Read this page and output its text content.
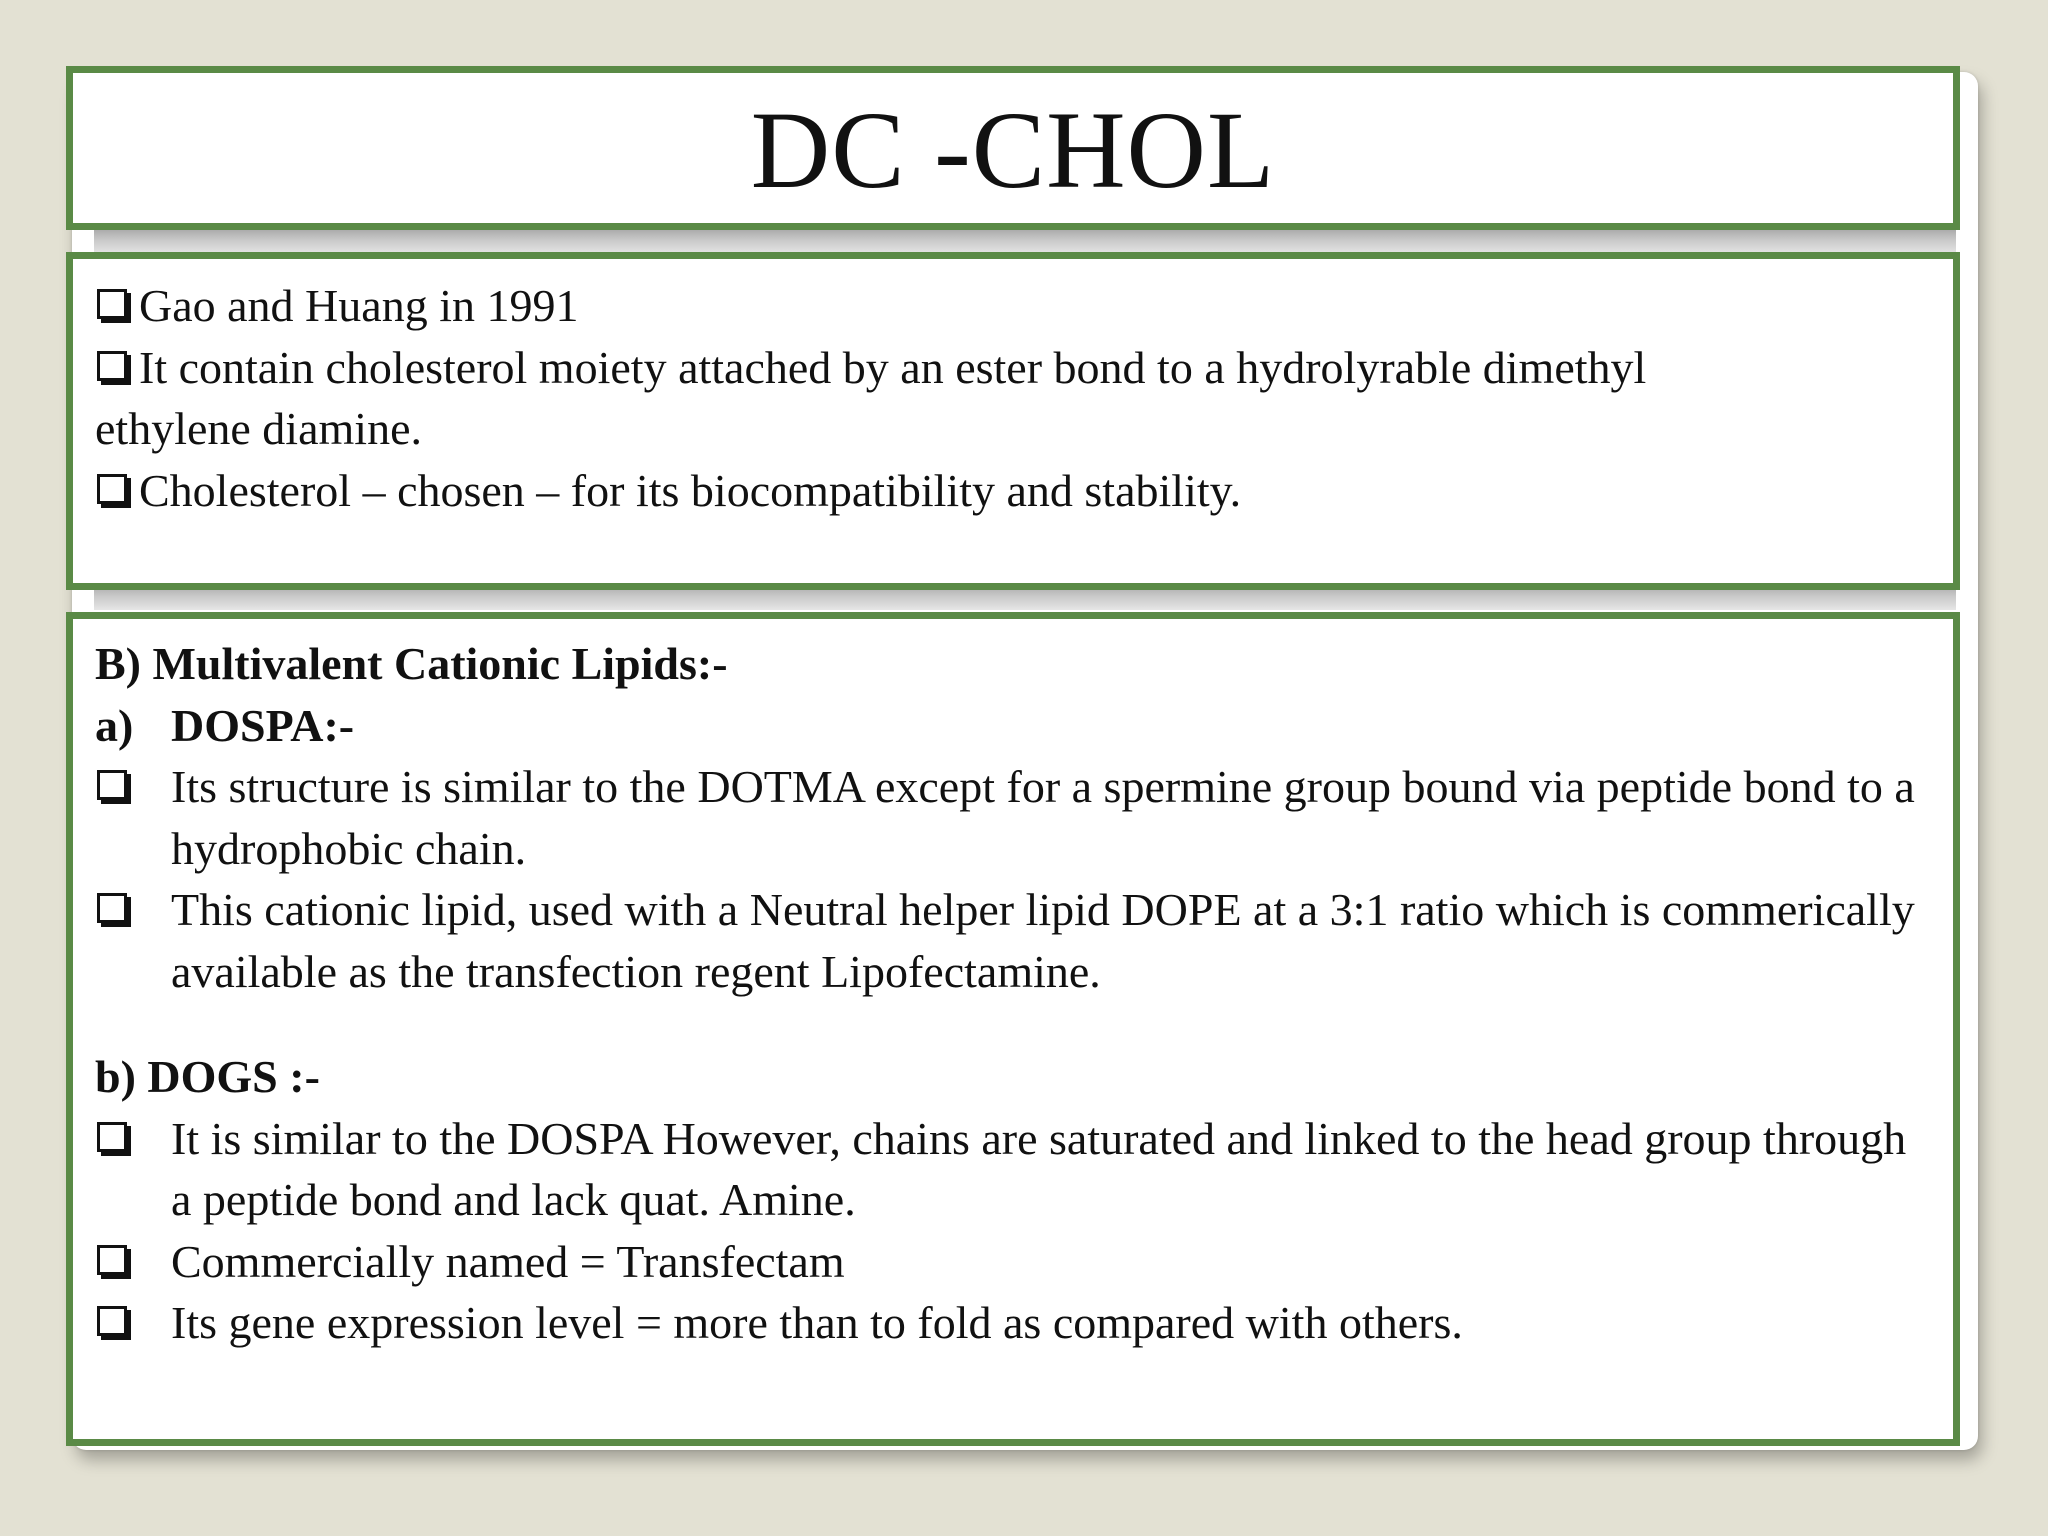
DC -CHOL
Gao and Huang in 1991
It contain cholesterol moiety attached by an ester bond to a hydrolyrable dimethyl
ethylene diamine.
Cholesterol – chosen – for its biocompatibility and stability.
B) Multivalent Cationic Lipids:-
a) DOSPA:-
Its structure is similar to the DOTMA except for a spermine group bound via peptide bond to a hydrophobic chain.
This cationic lipid, used with a Neutral helper lipid DOPE at a 3:1 ratio which is commerically available as the transfection regent Lipofectamine.
b) DOGS :-
It is similar to the DOSPA However, chains are saturated and linked to the head group through a peptide bond and lack quat. Amine.
Commercially named = Transfectam
Its gene expression level = more than to fold as compared with others.
